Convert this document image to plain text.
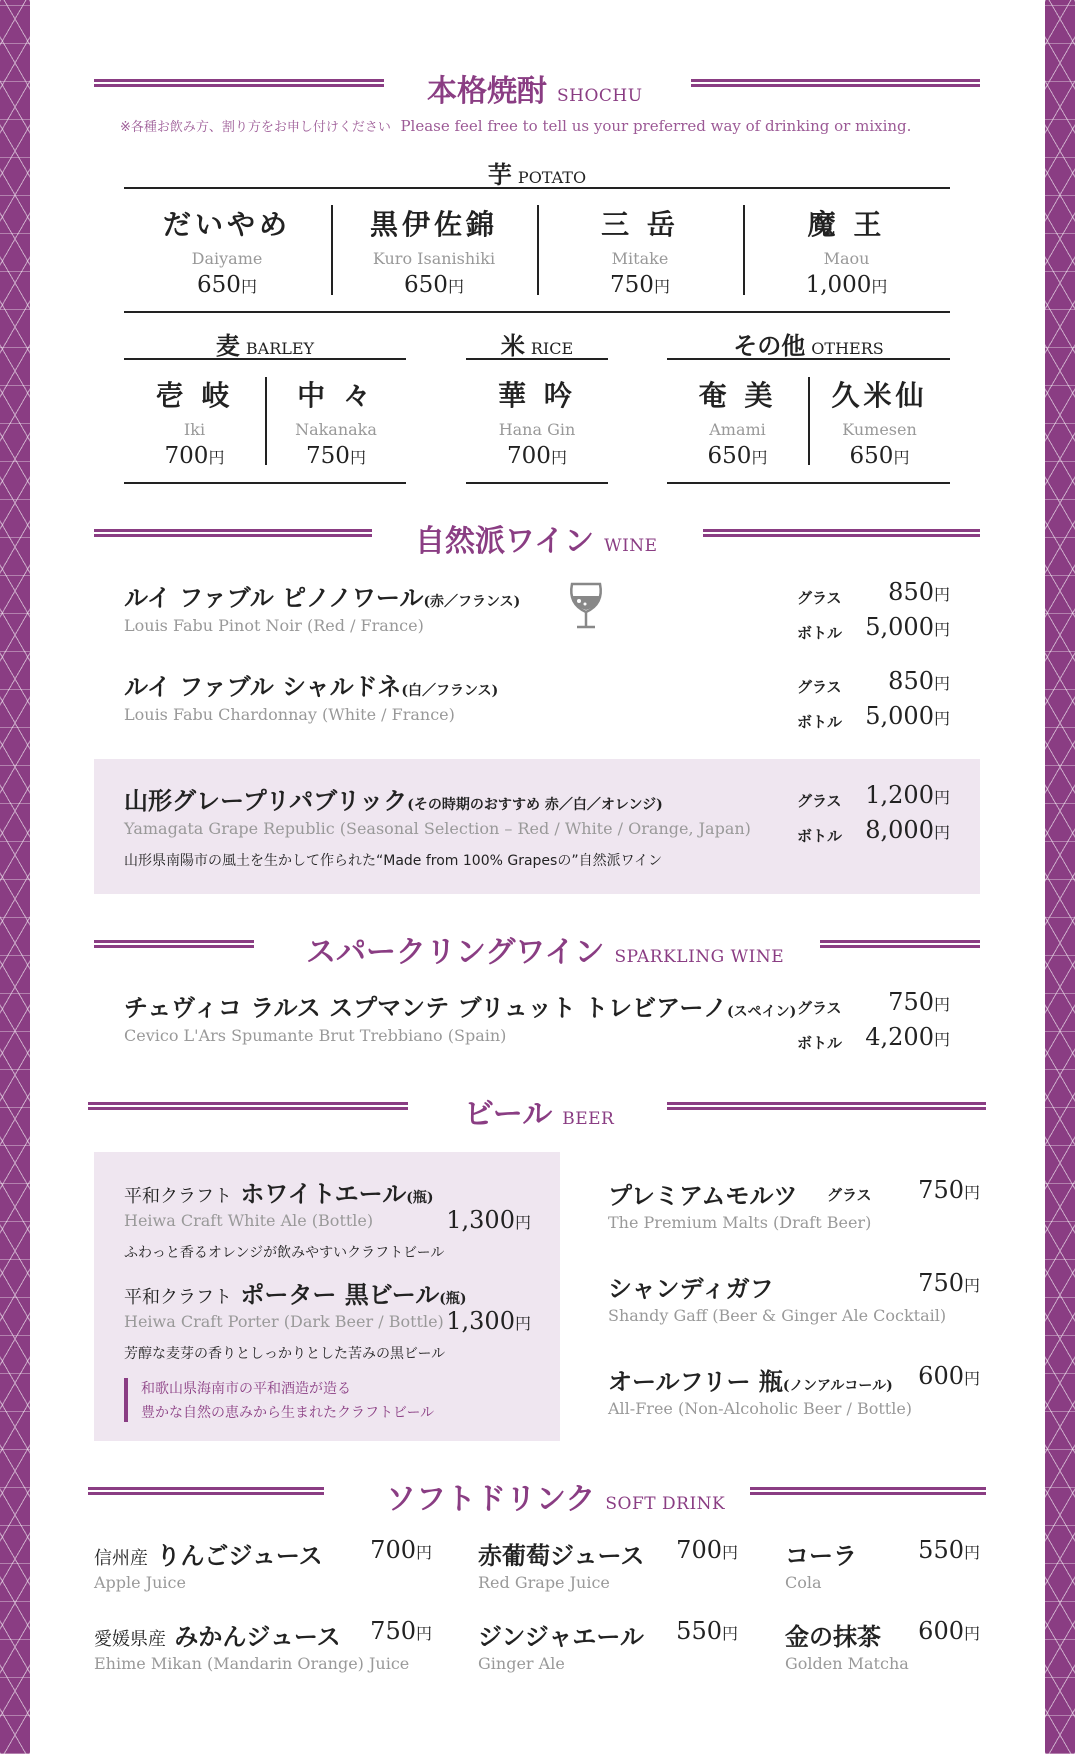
本格焼酎 SHOCHU
※各種お飲み方、割り方をお申し付けください Please feel free to tell us your preferred way of drinking or mixing.
芋POTATO
だいやめ
Daiyame
650円
黒伊佐錦
Kuro Isanishiki
650円
三 岳
Mitake
750円
魔 王
Maou
1,000円
麦BARLEY	米RICE	その他 OTHERS
壱 岐
Iki
700円
中 々
Nakanaka
750円
華 吟
Hana Gin
700円
奄 美
Amami
650円
久米仙
Kumesen
650円
自然派ワイン WINE
ルイ ファブル ピノノワール(赤／フランス)
Louis Fabu Pinot Noir (Red / France)
グラス 850円
ボトル 5,000円
ルイ ファブル シャルドネ(白／フランス)
Louis Fabu Chardonnay (White / France)
グラス 850円
ボトル 5,000円
山形グレープリパブリック(その時期のおすすめ 赤／白／オレンジ)
Yamagata Grape Republic (Seasonal Selection – Red / White / Orange, Japan)
山形県南陽市の風土を生かして作られた“Made from 100% Grapesの”自然派ワイン
グラス 1,200円
ボトル 8,000円
スパークリングワイン SPARKLING WINE
チェヴィコ ラルス スプマンテ ブリュット トレビアーノ(スペイン)
Cevico L'Ars Spumante Brut Trebbiano (Spain)
グラス 750円
ボトル 4,200円
ビール BEER
平和クラフト ホワイトエール(瓶)
Heiwa Craft White Ale (Bottle)	1,300円
ふわっと香るオレンジが飲みやすいクラフトビール
平和クラフト ポーター 黒ビール(瓶)
Heiwa Craft Porter (Dark Beer / Bottle) 1,300円
芳醇な麦芽の香りとしっかりとした苦みの黒ビール
和歌山県海南市の平和酒造が造る
豊かな自然の恵みから生まれたクラフトビール
プレミアムモルツ グラス 750円
The Premium Malts (Draft Beer)
シャンディガフ	750円
Shandy Gaff (Beer & Ginger Ale Cocktail)
オールフリー 瓶(ノンアルコール) 600円
All-Free (Non-Alcoholic Beer / Bottle)
ソフトドリンク SOFT DRINK
信州産 りんごジュース 700円
Apple Juice
赤葡萄ジュース 700円
Red Grape Juice
コーラ	550円
Cola
愛媛県産 みかんジュース 750円
Ehime Mikan (Mandarin Orange) Juice
ジンジャエール 550円
Ginger Ale
金の抹茶 600円
Golden Matcha
